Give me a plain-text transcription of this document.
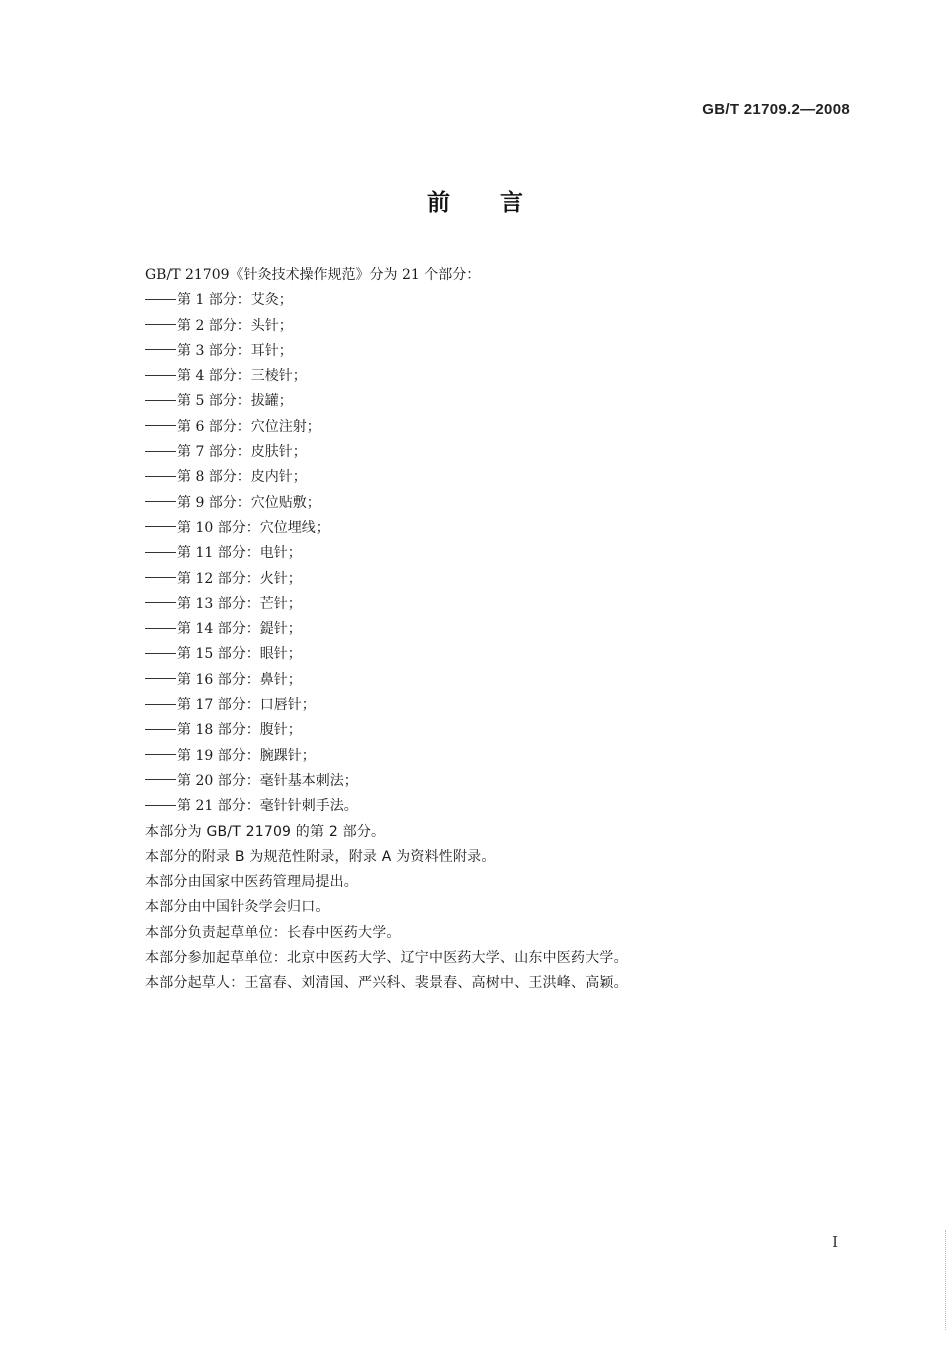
GB/T 21709.2—2008
前言
GB/T 21709《针灸技术操作规范》分为 21 个部分：
第 1 部分：艾灸；
第 2 部分：头针；
第 3 部分：耳针；
第 4 部分：三棱针；
第 5 部分：拔罐；
第 6 部分：穴位注射；
第 7 部分：皮肤针；
第 8 部分：皮内针；
第 9 部分：穴位贴敷；
第 10 部分：穴位埋线；
第 11 部分：电针；
第 12 部分：火针；
第 13 部分：芒针；
第 14 部分：鍉针；
第 15 部分：眼针；
第 16 部分：鼻针；
第 17 部分：口唇针；
第 18 部分：腹针；
第 19 部分：腕踝针；
第 20 部分：毫针基本刺法；
第 21 部分：毫针针刺手法。
本部分为 GB/T 21709 的第 2 部分。
本部分的附录 B 为规范性附录，附录 A 为资料性附录。
本部分由国家中医药管理局提出。
本部分由中国针灸学会归口。
本部分负责起草单位：长春中医药大学。
本部分参加起草单位：北京中医药大学、辽宁中医药大学、山东中医药大学。
本部分起草人：王富春、刘清国、严兴科、裴景春、高树中、王洪峰、高颖。
I
